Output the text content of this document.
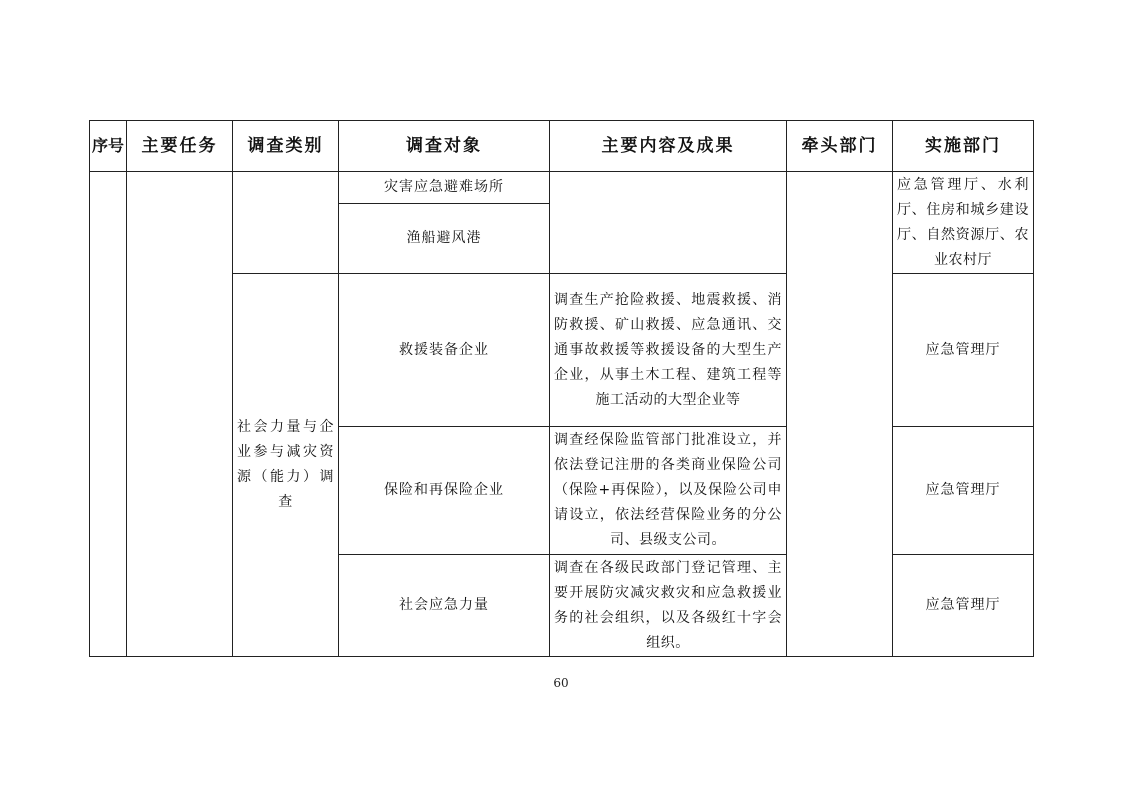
序号	主要任务	调查类别	调查对象	主要内容及成果	牵头部门	实施部门
			灾害应急避难场所			应急管理厅、水利厅、住房和城乡建设厅、自然资源厅、农业农村厅
			渔船避风港			
		社会力量与企业参与减灾资源（能力）调查	救援装备企业	调查生产抢险救援、地震救援、消防救援、矿山救援、应急通讯、交通事故救援等救援设备的大型生产企业，从事土木工程、建筑工程等施工活动的大型企业等		应急管理厅
			保险和再保险企业	调查经保险监管部门批准设立，并依法登记注册的各类商业保险公司（保险+再保险），以及保险公司申请设立，依法经营保险业务的分公司、县级支公司。		应急管理厅
			社会应急力量	调查在各级民政部门登记管理、主要开展防灾减灾救灾和应急救援业务的社会组织，以及各级红十字会组织。		应急管理厅
60
